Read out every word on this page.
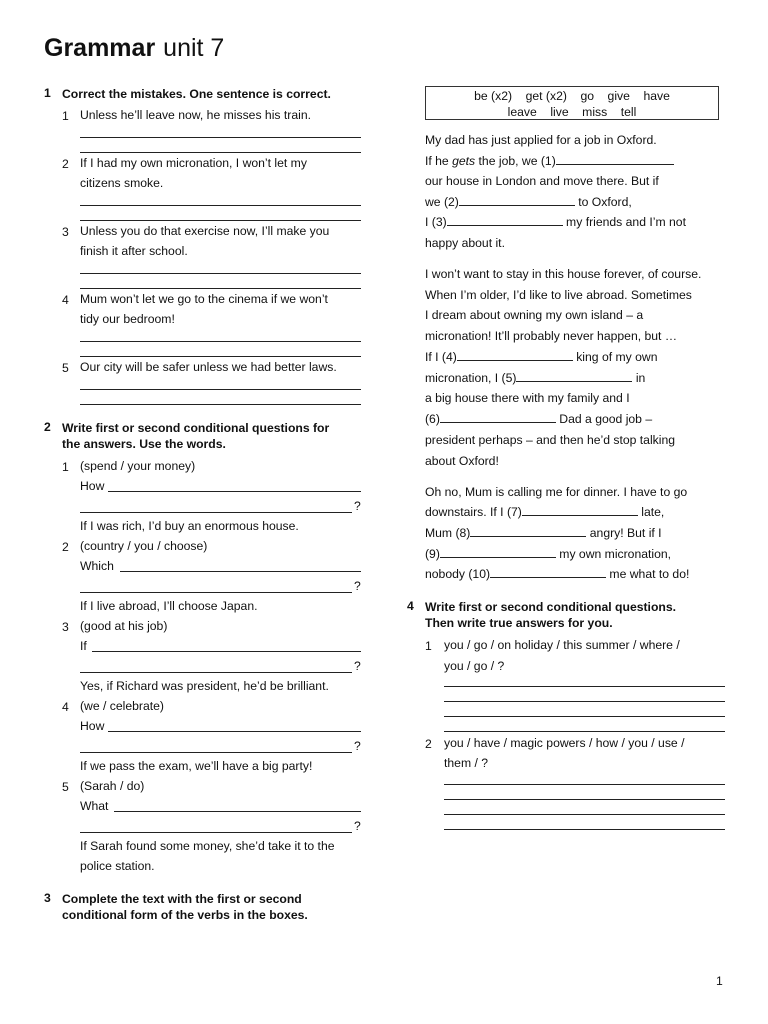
Grammar unit 7
1 Correct the mistakes. One sentence is correct.
1 Unless he’ll leave now, he misses his train.
2 If I had my own micronation, I won’t let my
citizens smoke.
3 Unless you do that exercise now, I’ll make you
finish it after school.
4 Mum won’t let we go to the cinema if we won’t
tidy our bedroom!
5 Our city will be safer unless we had better laws.
2 Write first or second conditional questions for
the answers. Use the words.
1 (spend / your money)
How
?
If I was rich, I’d buy an enormous house.
2 (country / you / choose)
Which
?
If I live abroad, I’ll choose Japan.
3 (good at his job)
If
?
Yes, if Richard was president, he’d be brilliant.
4 (we / celebrate)
How
?
If we pass the exam, we’ll have a big party!
5 (Sarah / do)
What
?
If Sarah found some money, she’d take it to the
police station.
3 Complete the text with the first or second
conditional form of the verbs in the boxes.
be (x2)    get (x2)    go    give    have
leave    live    miss    tell
My dad has just applied for a job in Oxford.
If he gets the job, we (1)
our house in London and move there. But if
we (2)	to Oxford,
I (3)	my friends and I’m not
happy about it.
I won’t want to stay in this house forever, of course.
When I’m older, I’d like to live abroad. Sometimes
I dream about owning my own island – a
micronation! It’ll probably never happen, but …
If I (4)	king of my own
micronation, I (5)	in
a big house there with my family and I
(6)	Dad a good job –
president perhaps – and then he’d stop talking
about Oxford!
Oh no, Mum is calling me for dinner. I have to go
downstairs. If I (7)	late,
Mum (8)	angry! But if I
(9)	my own micronation,
nobody (10)	me what to do!
4 Write first or second conditional questions.
Then write true answers for you.
1 you / go / on holiday / this summer / where /
you / go / ?
2 you / have / magic powers / how / you / use /
them / ?
1
